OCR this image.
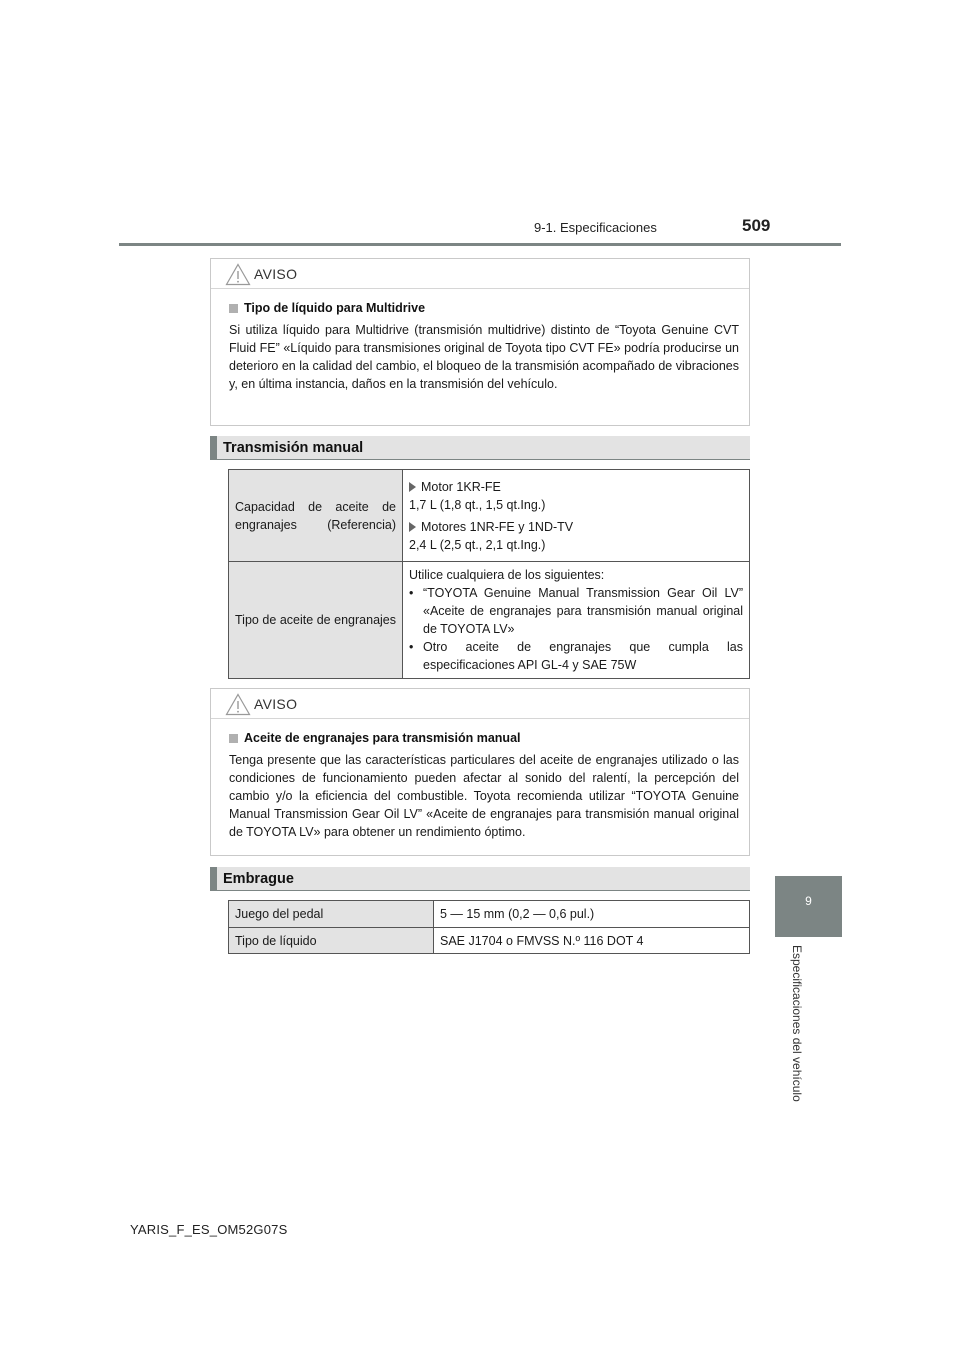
9-1. Especificaciones	509
9
Especificaciones del vehículo
AVISO
Tipo de líquido para Multidrive
Si utiliza líquido para Multidrive (transmisión multidrive) distinto de “Toyota Genuine CVT Fluid FE” «Líquido para transmisiones original de Toyota tipo CVT FE» podría producirse un deterioro en la calidad del cambio, el bloqueo de la transmisión acompañado de vibraciones y, en última instancia, daños en la transmisión del vehículo.
Transmisión manual
Capacidad de aceite de engranajes (Referencia)	Motor 1KR-FE
1,7 L (1,8 qt., 1,5 qt.Ing.)
Motores 1NR-FE y 1ND-TV
2,4 L (2,5 qt., 2,1 qt.Ing.)

Tipo de aceite de engranajes	Utilice cualquiera de los siguientes:
• “TOYOTA Genuine Manual Transmission Gear Oil LV” «Aceite de engranajes para transmisión manual original de TOYOTA LV»
• Otro aceite de engranajes que cumpla las especificaciones API GL-4 y SAE 75W
AVISO
Aceite de engranajes para transmisión manual
Tenga presente que las características particulares del aceite de engranajes utilizado o las condiciones de funcionamiento pueden afectar al sonido del ralentí, la percepción del cambio y/o la eficiencia del combustible. Toyota recomienda utilizar “TOYOTA Genuine Manual Transmission Gear Oil LV” «Aceite de engranajes para transmisión manual original de TOYOTA LV» para obtener un rendimiento óptimo.
Embrague
Juego del pedal	5 — 15 mm (0,2 — 0,6 pul.)
Tipo de líquido	SAE J1704 o FMVSS N.º 116 DOT 4
YARIS_F_ES_OM52G07S
